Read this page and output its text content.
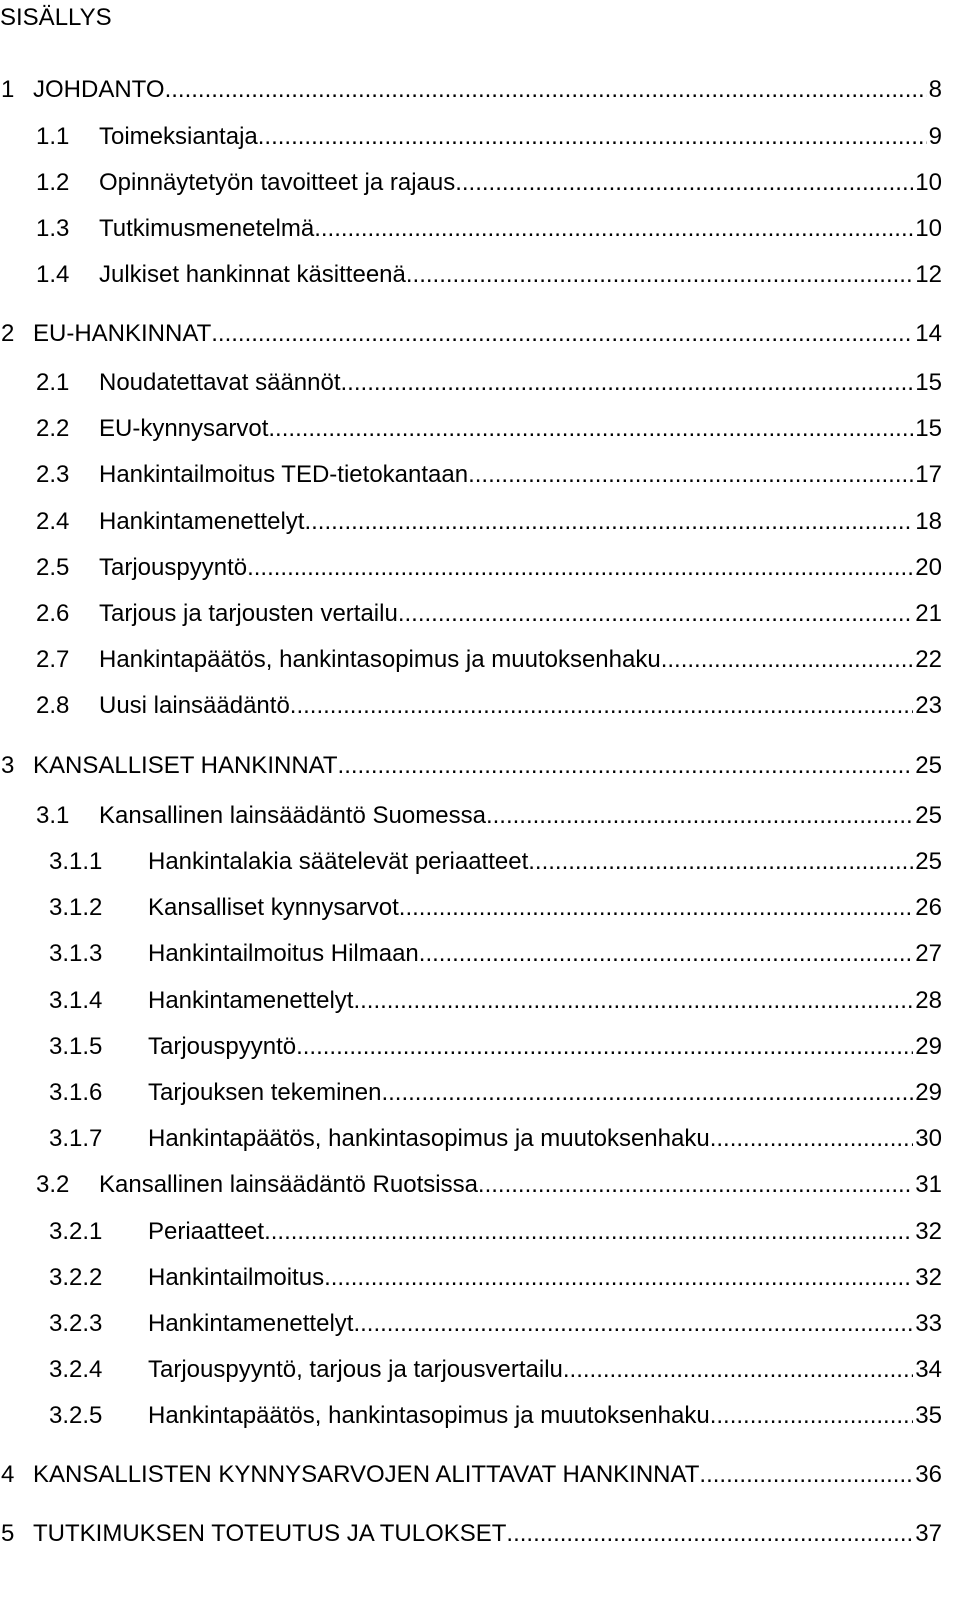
SISÄLLYS
1 JOHDANTO .....	8
1.1	Toimeksiantaja .....	9
1.2	Opinnäytetyön tavoitteet ja rajaus .....	10
1.3	Tutkimusmenetelmä .....	10
1.4	Julkiset hankinnat käsitteenä .....	12
2 EU-HANKINNAT .....	14
2.1	Noudatettavat säännöt .....	15
2.2	EU-kynnysarvot .....	15
2.3	Hankintailmoitus TED-tietokantaan .....	17
2.4	Hankintamenettelyt .....	18
2.5	Tarjouspyyntö .....	20
2.6	Tarjous ja tarjousten vertailu .....	21
2.7	Hankintapäätös, hankintasopimus ja muutoksenhaku .....	22
2.8	Uusi lainsäädäntö .....	23
3 KANSALLISET HANKINNAT .....	25
3.1	Kansallinen lainsäädäntö Suomessa .....	25
3.1.1	Hankintalakia säätelevät periaatteet .....	25
3.1.2	Kansalliset kynnysarvot .....	26
3.1.3	Hankintailmoitus Hilmaan .....	27
3.1.4	Hankintamenettelyt .....	28
3.1.5	Tarjouspyyntö .....	29
3.1.6	Tarjouksen tekeminen .....	29
3.1.7	Hankintapäätös, hankintasopimus ja muutoksenhaku .....	30
3.2	Kansallinen lainsäädäntö Ruotsissa .....	31
3.2.1	Periaatteet .....	32
3.2.2	Hankintailmoitus .....	32
3.2.3	Hankintamenettelyt .....	33
3.2.4	Tarjouspyyntö, tarjous ja tarjousvertailu .....	34
3.2.5	Hankintapäätös, hankintasopimus ja muutoksenhaku .....	35
4 KANSALLISTEN KYNNYSARVOJEN ALITTAVAT HANKINNAT .....	36
5 TUTKIMUKSEN TOTEUTUS JA TULOKSET .....	37
